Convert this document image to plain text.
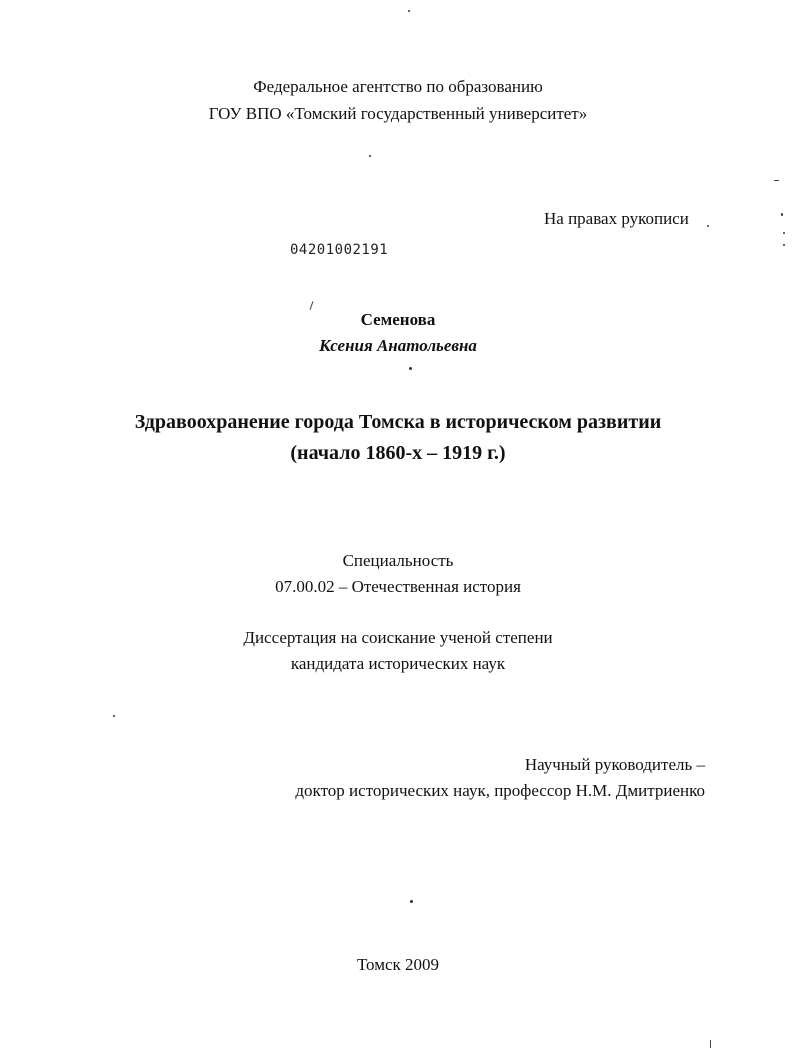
Федеральное агентство по образованию
ГОУ ВПО «Томский государственный университет»
На правах рукописи
04201002191
Семенова
Ксения Анатольевна
Здравоохранение города Томска в историческом развитии
(начало 1860-х – 1919 г.)
Специальность
07.00.02 – Отечественная история
Диссертация на соискание ученой степени
кандидата исторических наук
Научный руководитель –
доктор исторических наук, профессор Н.М. Дмитриенко
Томск 2009
